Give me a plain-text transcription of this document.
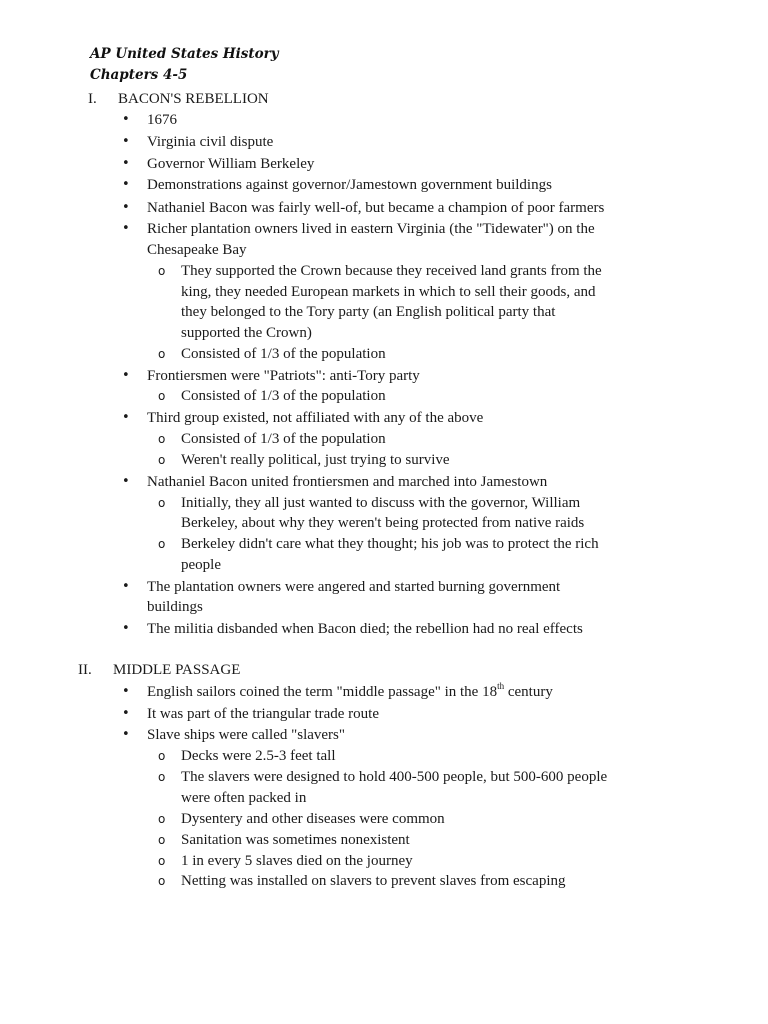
AP United States History
Chapters 4-5
I. BACON'S REBELLION
• 1676
• Virginia civil dispute
• Governor William Berkeley
• Demonstrations against governor/Jamestown government buildings
• Nathaniel Bacon was fairly well-of, but became a champion of poor farmers
• Richer plantation owners lived in eastern Virginia (the "Tidewater") on the
Chesapeake Bay
o They supported the Crown because they received land grants from the
king, they needed European markets in which to sell their goods, and
they belonged to the Tory party (an English political party that
supported the Crown)
o Consisted of 1/3 of the population
• Frontiersmen were "Patriots": anti-Tory party
o Consisted of 1/3 of the population
• Third group existed, not affiliated with any of the above
o Consisted of 1/3 of the population
o Weren't really political, just trying to survive
• Nathaniel Bacon united frontiersmen and marched into Jamestown
o Initially, they all just wanted to discuss with the governor, William
Berkeley, about why they weren't being protected from native raids
o Berkeley didn't care what they thought; his job was to protect the rich
people
• The plantation owners were angered and started burning government
buildings
• The militia disbanded when Bacon died; the rebellion had no real effects
II. MIDDLE PASSAGE
• English sailors coined the term "middle passage" in the 18th century
• It was part of the triangular trade route
• Slave ships were called "slavers"
o Decks were 2.5-3 feet tall
o The slavers were designed to hold 400-500 people, but 500-600 people
were often packed in
o Dysentery and other diseases were common
o Sanitation was sometimes nonexistent
o 1 in every 5 slaves died on the journey
o Netting was installed on slavers to prevent slaves from escaping
